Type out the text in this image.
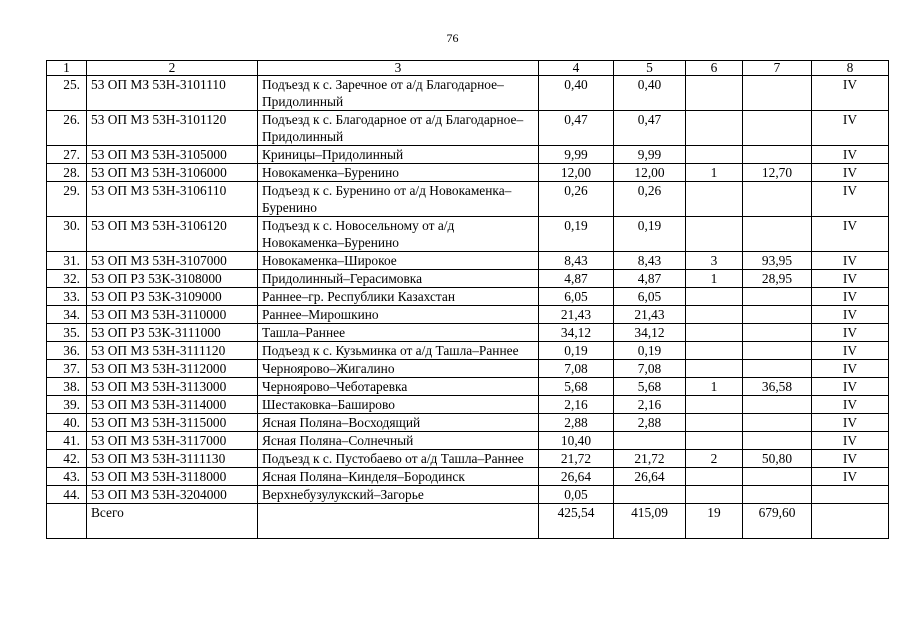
76
1	2	3	4	5	6	7	8
25.	53 ОП МЗ 53Н-3101110	Подъезд к с. Заречное от а/д Благодарное–Придолинный	0,40	0,40			IV
26.	53 ОП МЗ 53Н-3101120	Подъезд к с. Благодарное от а/д Благодарное–Придолинный	0,47	0,47			IV
27.	53 ОП МЗ 53Н-3105000	Криницы–Придолинный	9,99	9,99			IV
28.	53 ОП МЗ 53Н-3106000	Новокаменка–Буренино	12,00	12,00	1	12,70	IV
29.	53 ОП МЗ 53Н-3106110	Подъезд к с. Буренино от а/д Новокаменка–Буренино	0,26	0,26			IV
30.	53 ОП МЗ 53Н-3106120	Подъезд к с. Новосельному от а/д Новокаменка–Буренино	0,19	0,19			IV
31.	53 ОП МЗ 53Н-3107000	Новокаменка–Широкое	8,43	8,43	3	93,95	IV
32.	53 ОП РЗ 53К-3108000	Придолинный–Герасимовка	4,87	4,87	1	28,95	IV
33.	53 ОП РЗ 53К-3109000	Раннее–гр. Республики Казахстан	6,05	6,05			IV
34.	53 ОП МЗ 53Н-3110000	Раннее–Мирошкино	21,43	21,43			IV
35.	53 ОП РЗ 53К-3111000	Ташла–Раннее	34,12	34,12			IV
36.	53 ОП МЗ 53Н-3111120	Подъезд к с. Кузьминка от а/д Ташла–Раннее	0,19	0,19			IV
37.	53 ОП МЗ 53Н-3112000	Черноярово–Жигалино	7,08	7,08			IV
38.	53 ОП МЗ 53Н-3113000	Черноярово–Чеботаревка	5,68	5,68	1	36,58	IV
39.	53 ОП МЗ 53Н-3114000	Шестаковка–Баширово	2,16	2,16			IV
40.	53 ОП МЗ 53Н-3115000	Ясная Поляна–Восходящий	2,88	2,88			IV
41.	53 ОП МЗ 53Н-3117000	Ясная Поляна–Солнечный	10,40				IV
42.	53 ОП МЗ 53Н-3111130	Подъезд к с. Пустобаево от а/д Ташла–Раннее	21,72	21,72	2	50,80	IV
43.	53 ОП МЗ 53Н-3118000	Ясная Поляна–Кинделя–Бородинск	26,64	26,64			IV
44.	53 ОП МЗ 53Н-3204000	Верхнебузулукский–Загорье	0,05				
	Всего		425,54	415,09	19	679,60	
